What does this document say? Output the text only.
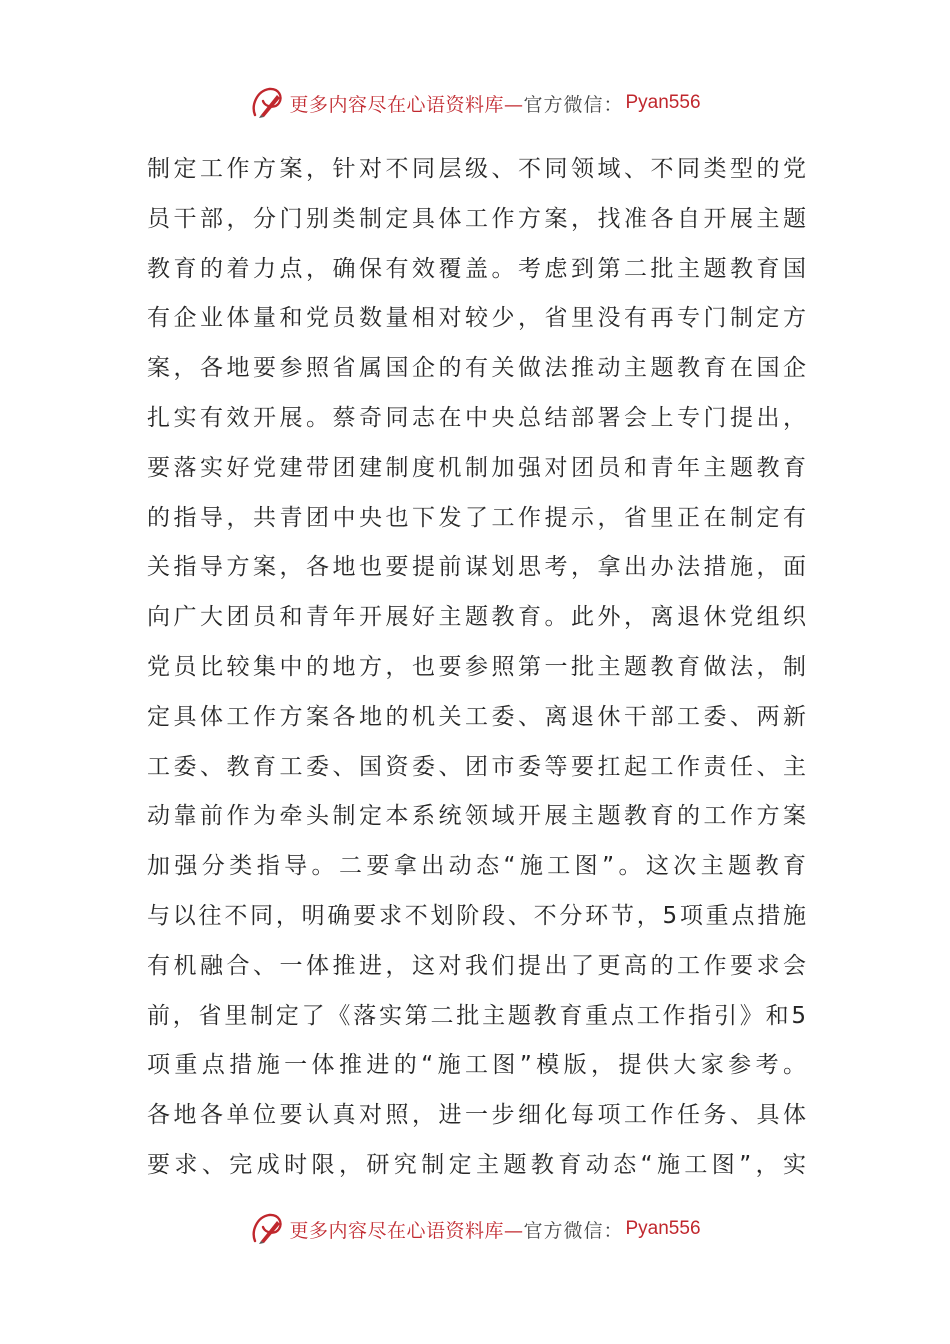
更多内容尽在心语资料库— 官方微信： Pyan556
制定工作方案，针对不同层级、不同领域、不同类型的党
员干部，分门别类制定具体工作方案，找准各自开展主题
教育的着力点，确保有效覆盖。考虑到第二批主题教育国
有企业体量和党员数量相对较少，省里没有再专门制定方
案，各地要参照省属国企的有关做法推动主题教育在国企
扎实有效开展。蔡奇同志在中央总结部署会上专门提出，
要落实好党建带团建制度机制加强对团员和青年主题教育
的指导，共青团中央也下发了工作提示，省里正在制定有
关指导方案，各地也要提前谋划思考，拿出办法措施，面
向广大团员和青年开展好主题教育。此外，离退休党组织
党员比较集中的地方，也要参照第一批主题教育做法，制
定具体工作方案各地的机关工委、离退休干部工委、两新
工委、教育工委、国资委、团市委等要扛起工作责任、主
动靠前作为牵头制定本系统领域开展主题教育的工作方案
加强分类指导。二要拿出动态“施工图”。这次主题教育
与以往不同，明确要求不划阶段、不分环节，5项重点措施
有机融合、一体推进，这对我们提出了更高的工作要求会
前，省里制定了《落实第二批主题教育重点工作指引》和5
项重点措施一体推进的“施工图”模版，提供大家参考。
各地各单位要认真对照，进一步细化每项工作任务、具体
要求、完成时限，研究制定主题教育动态“施工图”，实
更多内容尽在心语资料库— 官方微信： Pyan556
